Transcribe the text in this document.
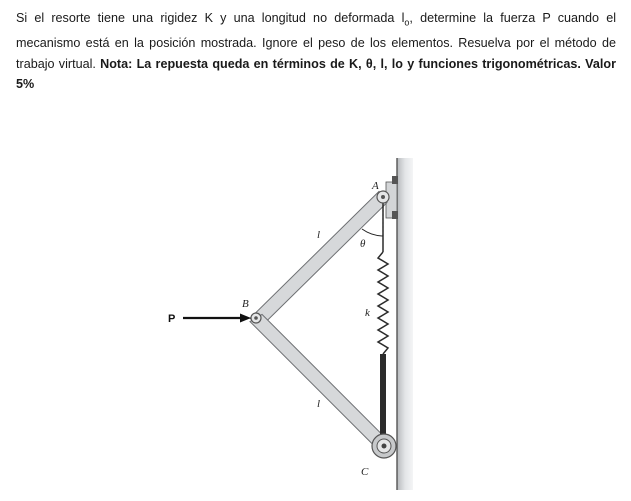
Si el resorte tiene una rigidez K y una longitud no deformada $l_o$, determine la fuerza P cuando el mecanismo está en la posición mostrada. Ignore el peso de los elementos. Resuelva por el método de trabajo virtual. Nota: La repuesta queda en términos de K, θ, l, lo y funciones trigonométricas. Valor 5%
A
B
C
P
l
l
θ
k
